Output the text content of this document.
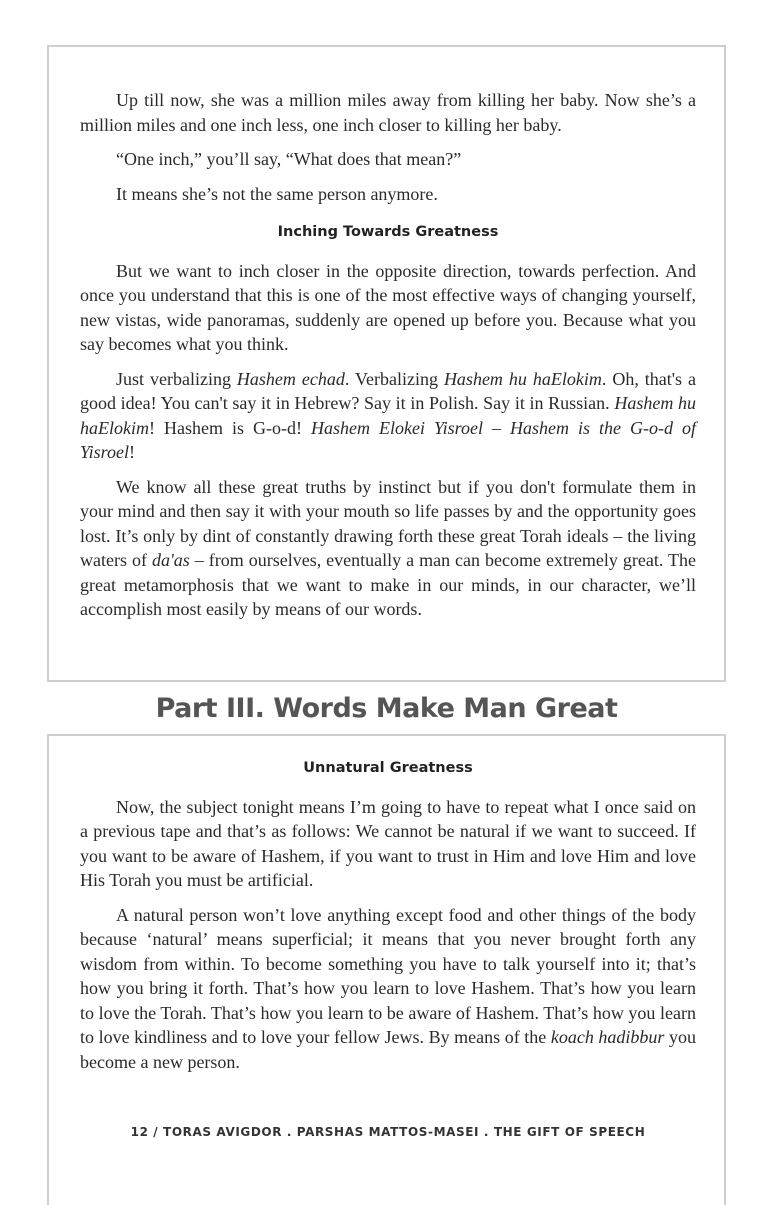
Up till now, she was a million miles away from killing her baby. Now she’s a million miles and one inch less, one inch closer to killing her baby.

“One inch,” you’ll say, “What does that mean?”

It means she’s not the same person anymore.

Inching Towards Greatness

But we want to inch closer in the opposite direction, towards perfection. And once you understand that this is one of the most effective ways of changing yourself, new vistas, wide panoramas, suddenly are opened up before you. Because what you say becomes what you think.

Just verbalizing Hashem echad. Verbalizing Hashem hu haElokim. Oh, that's a good idea! You can't say it in Hebrew? Say it in Polish. Say it in Russian. Hashem hu haElokim! Hashem is G-o-d! Hashem Elokei Yisroel – Hashem is the G-o-d of Yisroel!

We know all these great truths by instinct but if you don't formulate them in your mind and then say it with your mouth so life passes by and the opportunity goes lost. It’s only by dint of constantly drawing forth these great Torah ideals – the living waters of da'as – from ourselves, eventually a man can become extremely great. The great metamorphosis that we want to make in our minds, in our character, we’ll accomplish most easily by means of our words.

Part III. Words Make Man Great
Unnatural Greatness

Now, the subject tonight means I’m going to have to repeat what I once said on a previous tape and that’s as follows: We cannot be natural if we want to succeed. If you want to be aware of Hashem, if you want to trust in Him and love Him and love His Torah you must be artificial.

A natural person won’t love anything except food and other things of the body because ‘natural’ means superficial; it means that you never brought forth any wisdom from within. To become something you have to talk yourself into it; that’s how you bring it forth. That’s how you learn to love Hashem. That’s how you learn to love the Torah. That’s how you learn to be aware of Hashem. That’s how you learn to love kindliness and to love your fellow Jews. By means of the koach hadibbur you become a new person.

12 / TORAS AVIGDOR . PARSHAS MATTOS-MASEI . THE GIFT OF SPEECH
